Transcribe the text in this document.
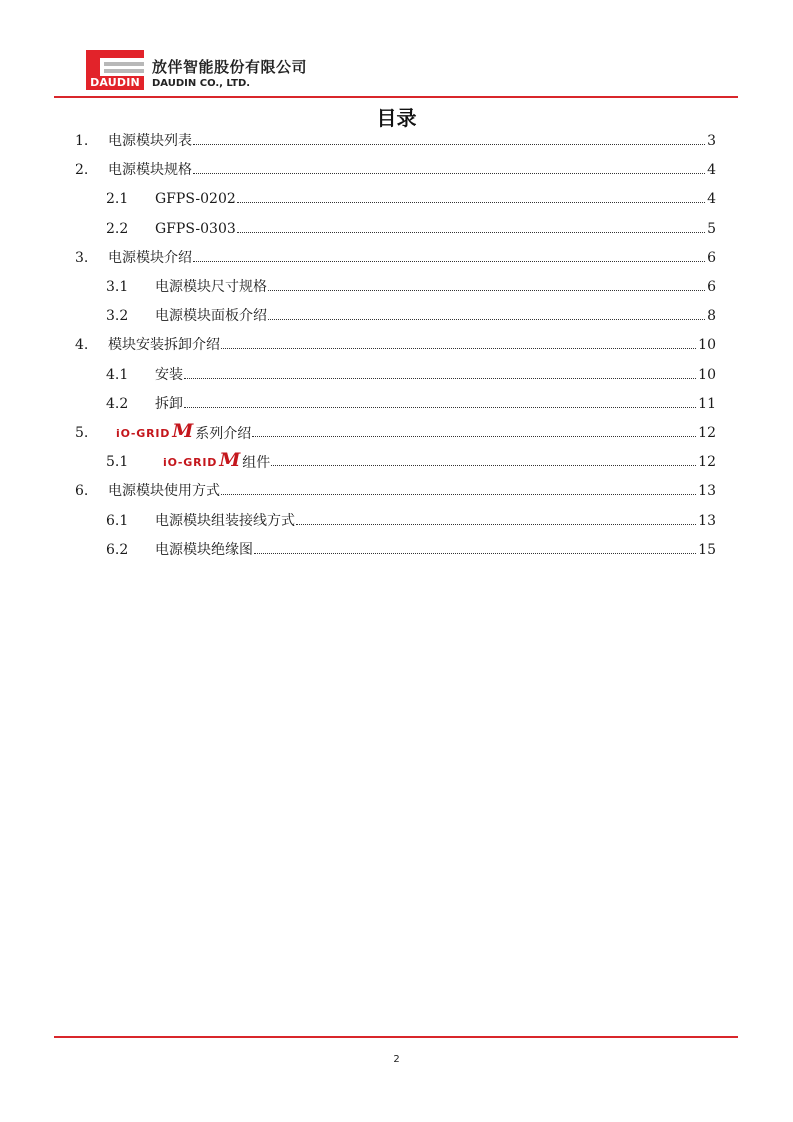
DAUDIN
放伴智能股份有限公司
DAUDIN CO., LTD.
目录
1. 电源模块列表	3
2. 电源模块规格	4
2.1 GFPS-0202	4
2.2 GFPS-0303	5
3. 电源模块介绍	6
3.1 电源模块尺寸规格	6
3.2 电源模块面板介绍	8
4. 模块安装拆卸介绍	10
4.1 安装	10
4.2 拆卸	11
5.	iO-GRID M 系列介绍	12
5.1	iO-GRID M 组件	12
6. 电源模块使用方式	13
6.1 电源模块组装接线方式	13
6.2 电源模块绝缘图	15
2
